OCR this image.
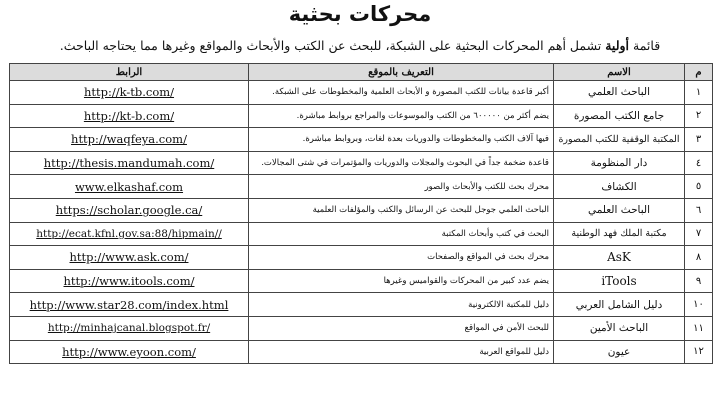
محركات بحثية
قائمة أولية تشمل أهم المحركات البحثية على الشبكة، للبحث عن الكتب والأبحاث والمواقع وغيرها مما يحتاجه الباحث.
م	الاسم	التعريف بالموقع	الرابط
١	الباحث العلمي	أكبر قاعدة بيانات للكتب المصورة و الأبحاث العلمية والمخطوطات على الشبكة.	http://k-tb.com/
٢	جامع الكتب المصورة	يضم أكثر من ٦٠٠٠٠٠ من الكتب والموسوعات والمراجع بروابط مباشرة.	http://kt-b.com/
٣	المكتبة الوقفية للكتب المصورة	فيها آلاف الكتب والمخطوطات والدوريات بعدة لغات، وبروابط مباشرة.	http://waqfeya.com/
٤	دار المنظومة	قاعدة ضخمة جداً في البحوث والمجلات والدوريات والمؤتمرات في شتى المجالات.	http://thesis.mandumah.com/
٥	الكشاف	محرك بحث للكتب والأبحاث والصور	www.elkashaf.com
٦	الباحث العلمي	الباحث العلمي جوجل للبحث عن الرسائل والكتب والمؤلفات العلمية	https://scholar.google.ca/
٧	مكتبة الملك فهد الوطنية	البحث في كتب وأبحاث المكتبة	http://ecat.kfnl.gov.sa:88/hipmain//
٨	AsK	محرك بحث في المواقع والصفحات	http://www.ask.com/
٩	iTools	يضم عدد كبير من المحركات والقواميس وغيرها	http://www.itools.com/
١٠	دليل الشامل العربي	دليل للمكتبة الالكترونية	http://www.star28.com/index.html
١١	الباحث الأمين	للبحث الأمن في المواقع	http://minhajcanal.blogspot.fr/
١٢	عيون	دليل للمواقع العربية	http://www.eyoon.com/
